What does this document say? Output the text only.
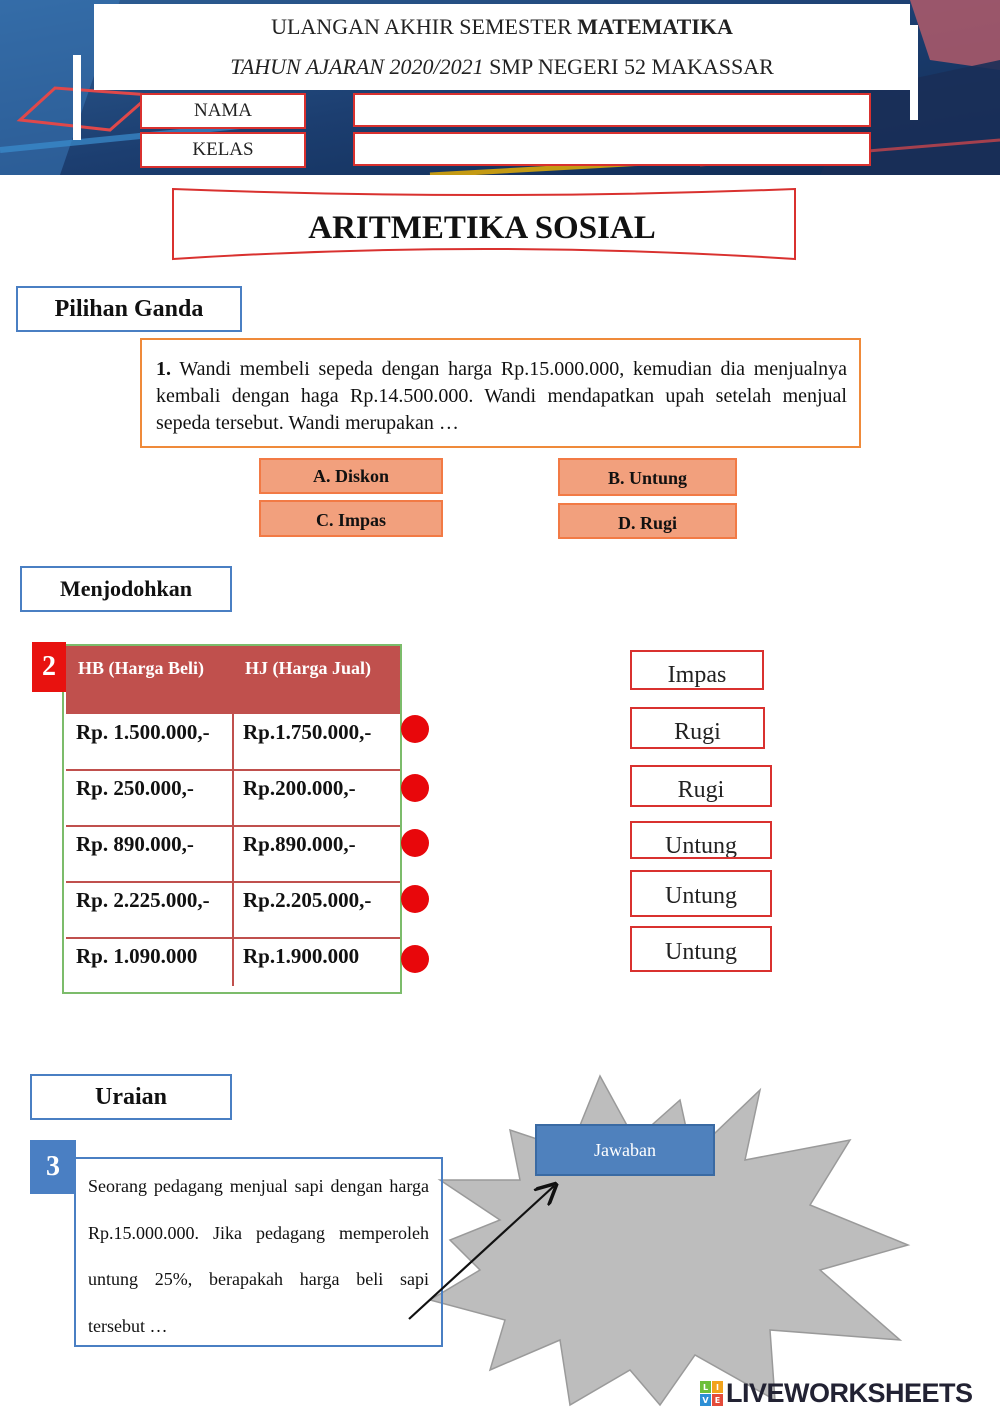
ULANGAN AKHIR SEMESTER MATEMATIKA
TAHUN AJARAN 2020/2021 SMP NEGERI 52 MAKASSAR
NAMA
KELAS
ARITMETIKA SOSIAL
Pilihan Ganda
1. Wandi membeli sepeda dengan harga Rp.15.000.000, kemudian dia menjualnya kembali dengan haga Rp.14.500.000. Wandi mendapatkan upah setelah menjual sepeda tersebut. Wandi merupakan …
A. Diskon	B. Untung
C. Impas	D. Rugi
Menjodohkan
HB (Harga Beli) HJ (Harga Jual)
Rp. 1.500.000,- Rp.1.750.000,-
Rp. 250.000,- Rp.200.000,-
Rp. 890.000,- Rp.890.000,-
Rp. 2.225.000,- Rp.2.205.000,-
Rp. 1.090.000 Rp.1.900.000
2	Impas
Rugi
Rugi
Untung
Untung
Untung
Uraian
3
Seorang pedagang menjual sapi dengan harga Rp.15.000.000. Jika pedagang memperoleh untung 25%, berapakah harga beli sapi tersebut …
Jawaban
L I
V E LIVEWORKSHEETS
